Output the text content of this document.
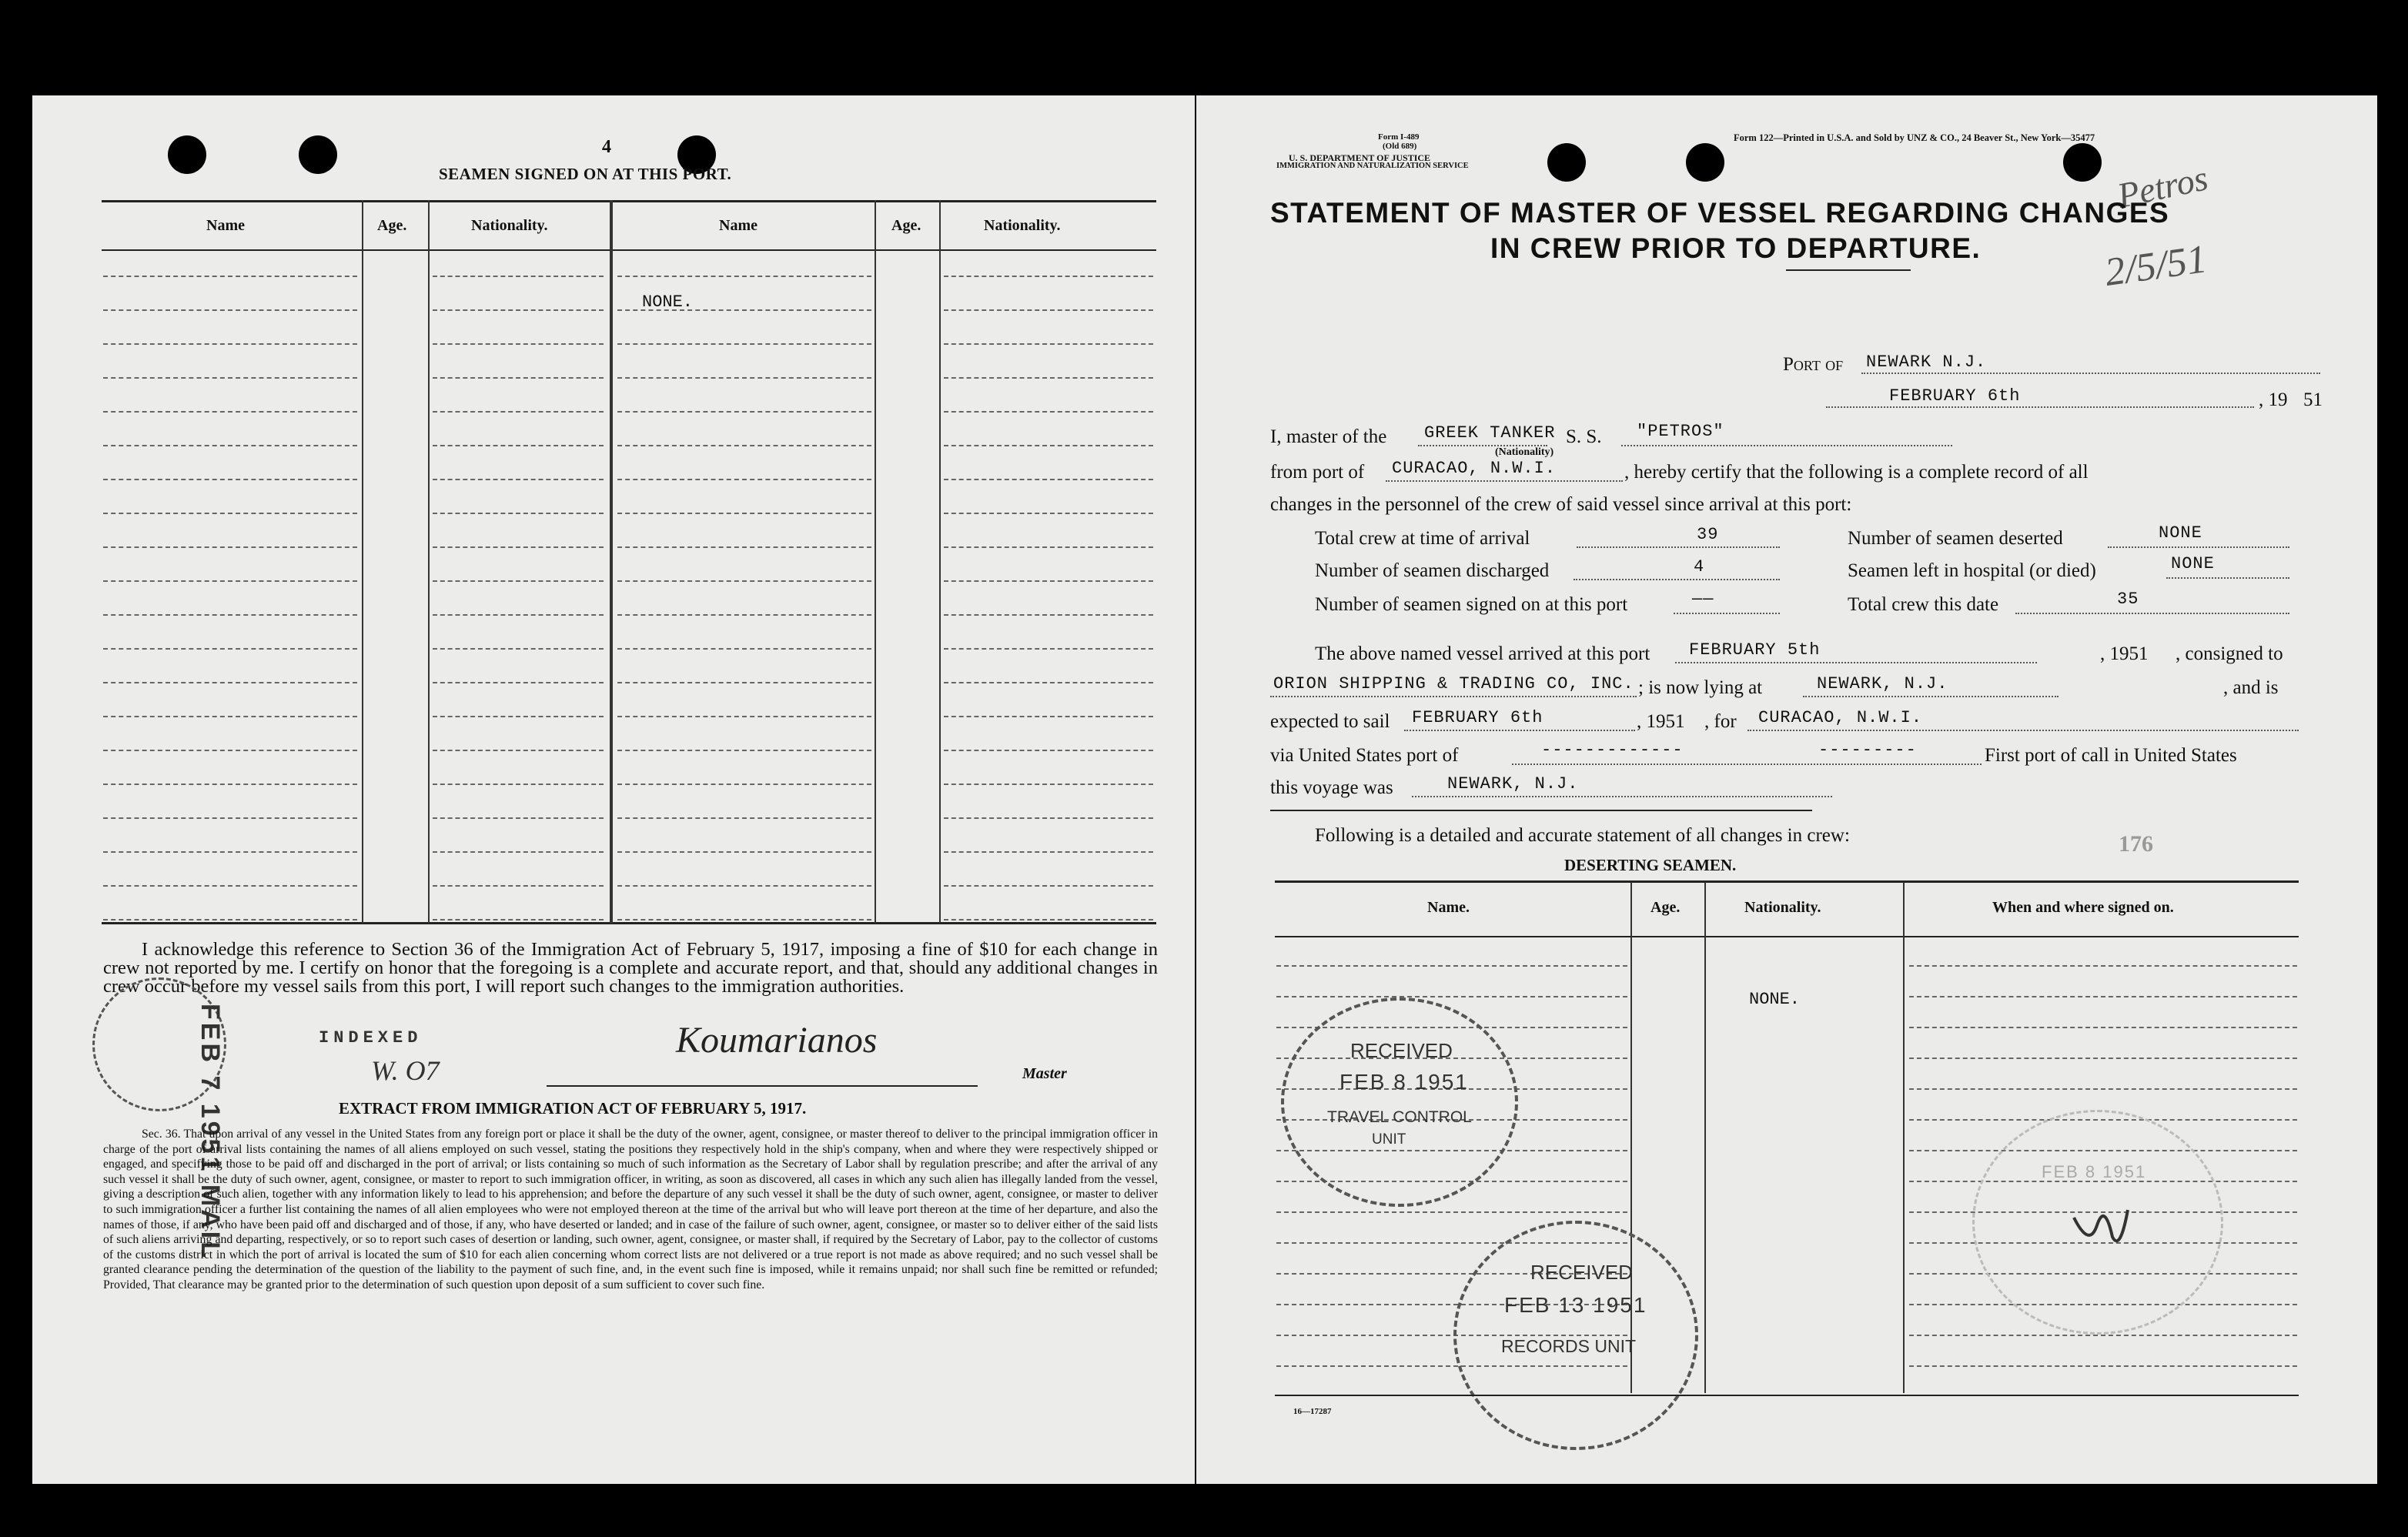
4
SEAMEN SIGNED ON AT THIS PORT.
Name	Age.	Nationality.	Name	Age.	Nationality.
NONE.
I acknowledge this reference to Section 36 of the Immigration Act of February 5, 1917, imposing a fine of $10 for each change in crew not reported by me. I certify on honor that the foregoing is a complete and accurate report, and that, should any additional changes in crew occur before my vessel sails from this port, I will report such changes to the immigration authorities.
FEB 7 1951 MAIL	INDEXED
W. O7
Koumarianos
Master
EXTRACT FROM IMMIGRATION ACT OF FEBRUARY 5, 1917.
Sec. 36. That upon arrival of any vessel in the United States from any foreign port or place it shall be the duty of the owner, agent, consignee, or master thereof to deliver to the principal immigration officer in charge of the port of arrival lists containing the names of all aliens employed on such vessel, stating the positions they respectively hold in the ship's company, when and where they were respectively shipped or engaged, and specifying those to be paid off and discharged in the port of arrival; or lists containing so much of such information as the Secretary of Labor shall by regulation prescribe; and after the arrival of any such vessel it shall be the duty of such owner, agent, consignee, or master to report to such immigration officer, in writing, as soon as discovered, all cases in which any such alien has illegally landed from the vessel, giving a description of such alien, together with any information likely to lead to his apprehension; and before the departure of any such vessel it shall be the duty of such owner, agent, consignee, or master to deliver to such immigration officer a further list containing the names of all alien employees who were not employed thereon at the time of the arrival but who will leave port thereon at the time of her departure, and also the names of those, if any, who have been paid off and discharged and of those, if any, who have deserted or landed; and in case of the failure of such owner, agent, consignee, or master so to deliver either of the said lists of such aliens arriving and departing, respectively, or so to report such cases of desertion or landing, such owner, agent, consignee, or master shall, if required by the Secretary of Labor, pay to the collector of customs of the customs district in which the port of arrival is located the sum of $10 for each alien concerning whom correct lists are not delivered or a true report is not made as above required; and no such vessel shall be granted clearance pending the determination of the question of the liability to the payment of such fine, and, in the event such fine is imposed, while it remains unpaid; nor shall such fine be remitted or refunded; Provided, That clearance may be granted prior to the determination of such question upon deposit of a sum sufficient to cover such fine.
Form I-489
(Old 689)
U. S. DEPARTMENT OF JUSTICE
IMMIGRATION AND NATURALIZATION SERVICE
Form 122—Printed in U.S.A. and Sold by UNZ & CO., 24 Beaver St., New York—35477
Petros
2/5/51
STATEMENT OF MASTER OF VESSEL REGARDING CHANGES
IN CREW PRIOR TO DEPARTURE.
Port of NEWARK N.J.
FEBRUARY 6th	, 19 51
I, master of the GREEK TANKER
(Nationality)
S. S. "PETROS"
from port of CURACAO, N.W.I.	, hereby certify that the following is a complete record of all
changes in the personnel of the crew of said vessel since arrival at this port:
Total crew at time of arrival	39	Number of seamen deserted	NONE
Number of seamen discharged	4	Seamen left in hospital (or died)	NONE
Number of seamen signed on at this port	——	Total crew this date	35
The above named vessel arrived at this port FEBRUARY 5th	, 1951 , consigned to
ORION SHIPPING & TRADING CO, INC. ; is now lying at	NEWARK, N.J.	, and is
expected to sail FEBRUARY 6th	, 1951 , for CURACAO, N.W.I.
via United States port of	-------------	---------	First port of call in United States
this voyage was	NEWARK, N.J.
Following is a detailed and accurate statement of all changes in crew:
DESERTING SEAMEN.
176
Name.	Age.	Nationality.	When and where signed on.
NONE.
RECEIVED
FEB 8 1951
TRAVEL CONTROL
UNIT
RECEIVED
FEB 13 1951
RECORDS UNIT
FEB 8 1951
16—17287
